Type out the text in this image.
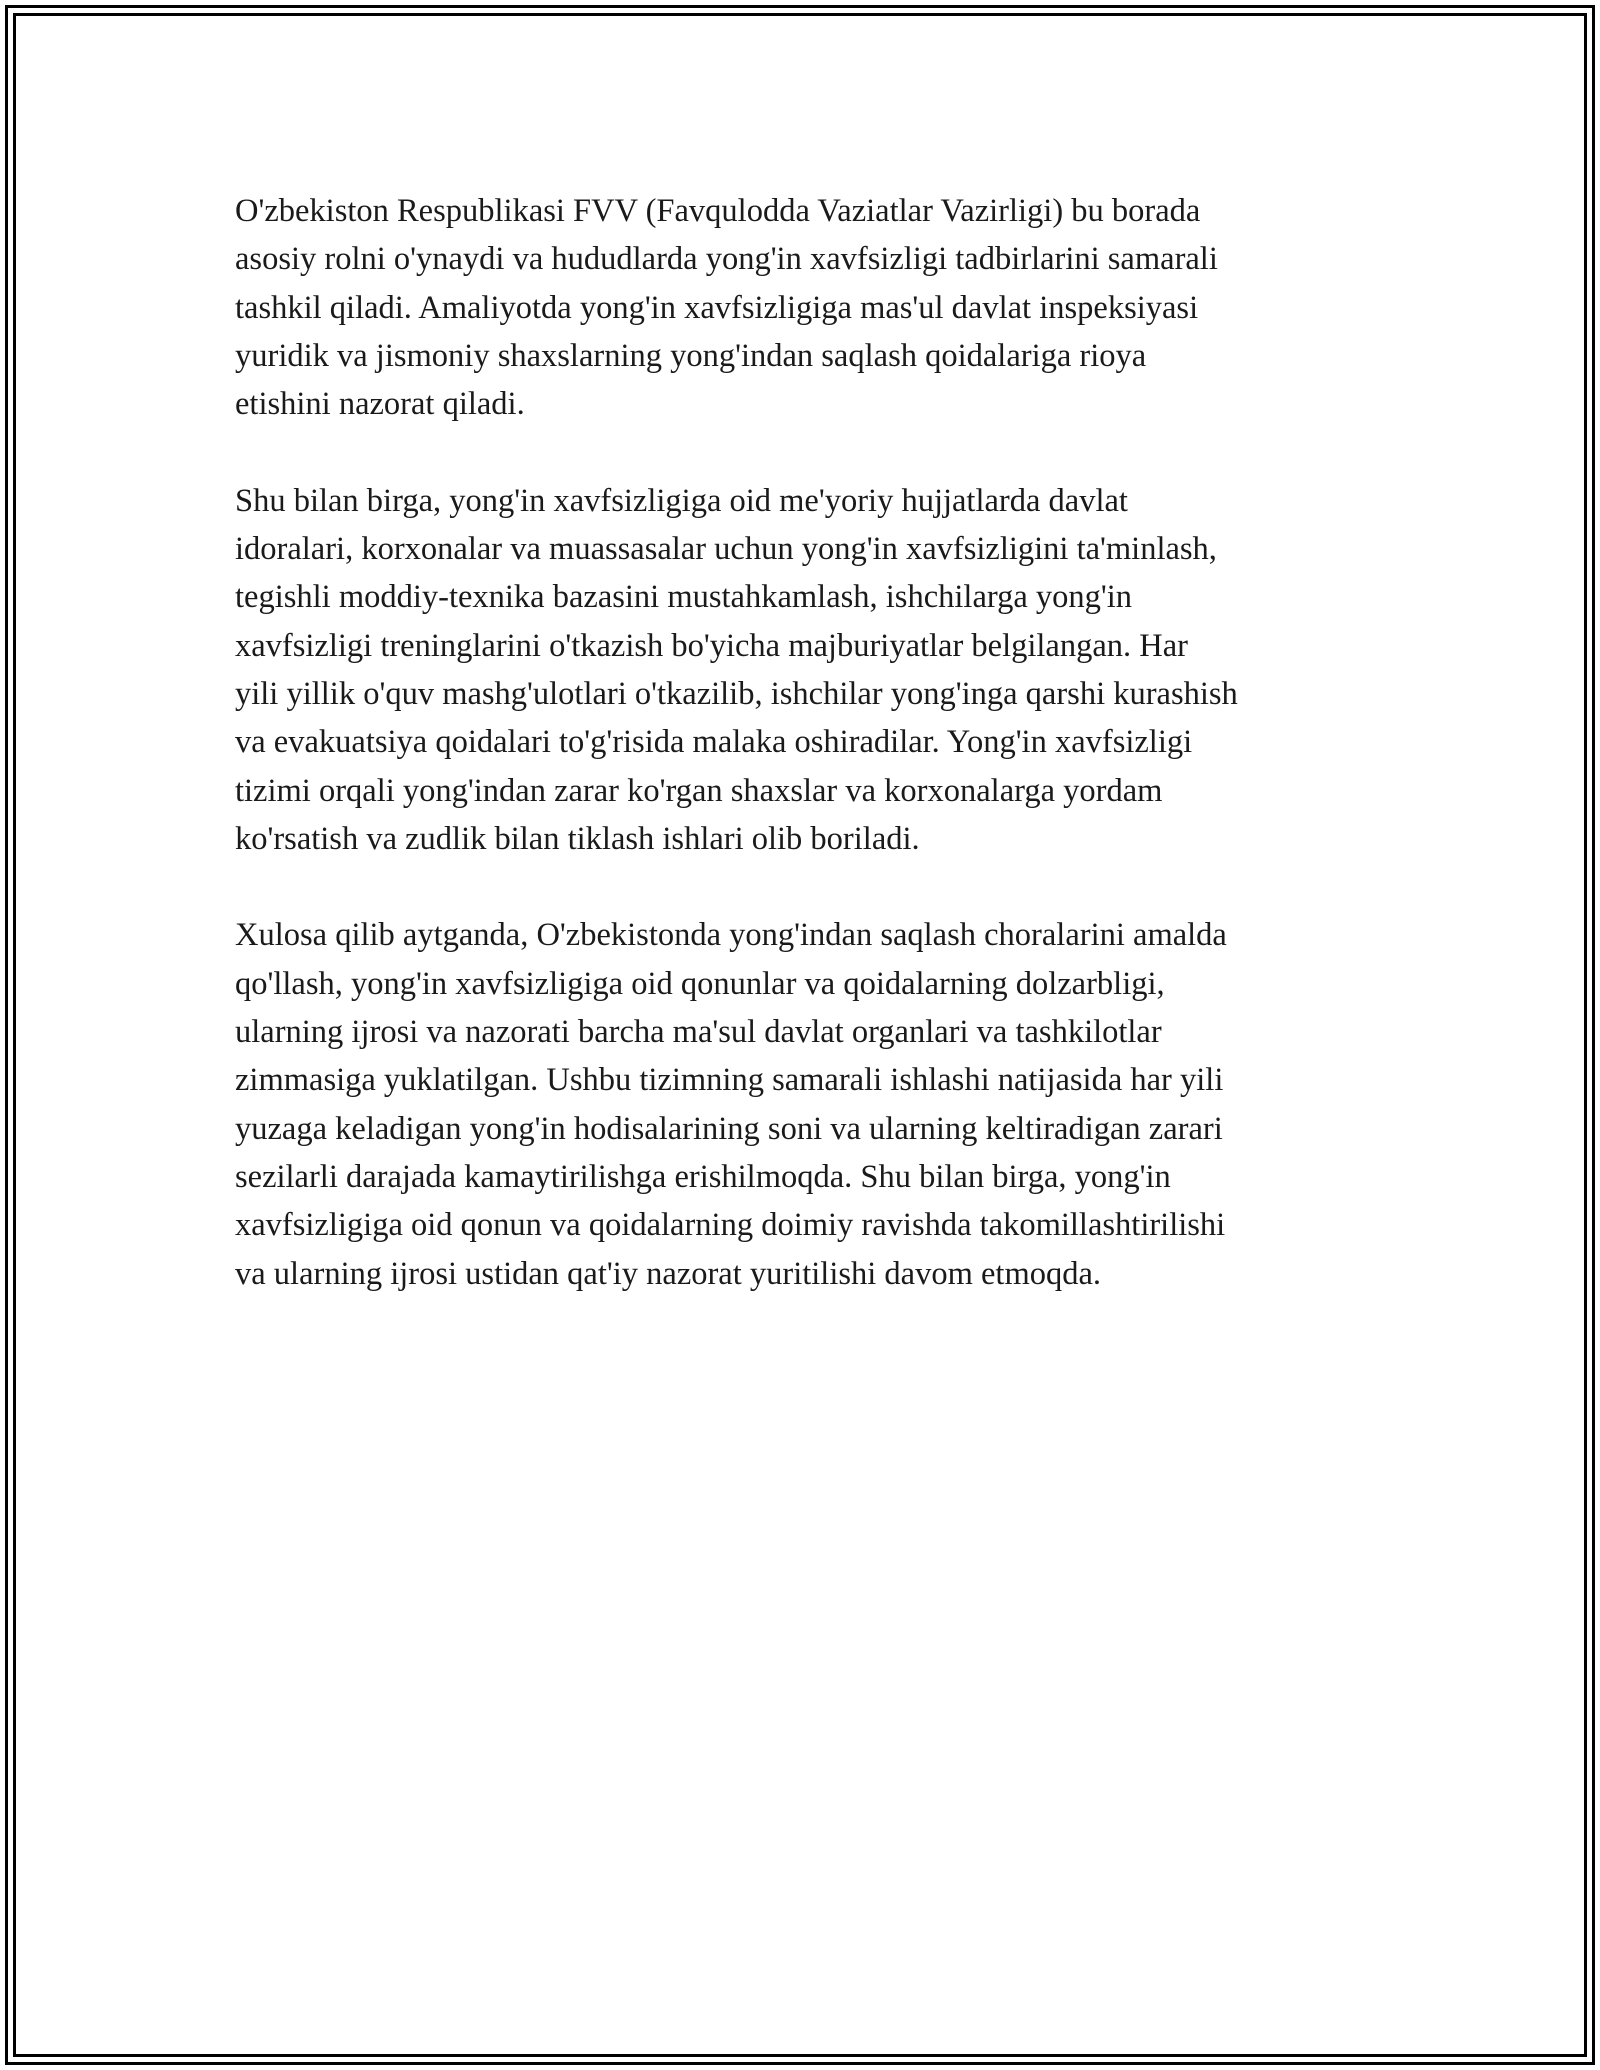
O'zbekiston Respublikasi FVV (Favqulodda Vaziatlar Vazirligi) bu borada
asosiy rolni o'ynaydi va hududlarda yong'in xavfsizligi tadbirlarini samarali
tashkil qiladi. Amaliyotda yong'in xavfsizligiga mas'ul davlat inspeksiyasi
yuridik va jismoniy shaxslarning yong'indan saqlash qoidalariga rioya
etishini nazorat qiladi.

Shu bilan birga, yong'in xavfsizligiga oid me'yoriy hujjatlarda davlat
idoralari, korxonalar va muassasalar uchun yong'in xavfsizligini ta'minlash,
tegishli moddiy-texnika bazasini mustahkamlash, ishchilarga yong'in
xavfsizligi treninglarini o'tkazish bo'yicha majburiyatlar belgilangan. Har
yili yillik o'quv mashg'ulotlari o'tkazilib, ishchilar yong'inga qarshi kurashish
va evakuatsiya qoidalari to'g'risida malaka oshiradilar. Yong'in xavfsizligi
tizimi orqali yong'indan zarar ko'rgan shaxslar va korxonalarga yordam
ko'rsatish va zudlik bilan tiklash ishlari olib boriladi.

Xulosa qilib aytganda, O'zbekistonda yong'indan saqlash choralarini amalda
qo'llash, yong'in xavfsizligiga oid qonunlar va qoidalarning dolzarbligi,
ularning ijrosi va nazorati barcha ma'sul davlat organlari va tashkilotlar
zimmasiga yuklatilgan. Ushbu tizimning samarali ishlashi natijasida har yili
yuzaga keladigan yong'in hodisalarining soni va ularning keltiradigan zarari
sezilarli darajada kamaytirilishga erishilmoqda. Shu bilan birga, yong'in
xavfsizligiga oid qonun va qoidalarning doimiy ravishda takomillashtirilishi
va ularning ijrosi ustidan qat'iy nazorat yuritilishi davom etmoqda.
